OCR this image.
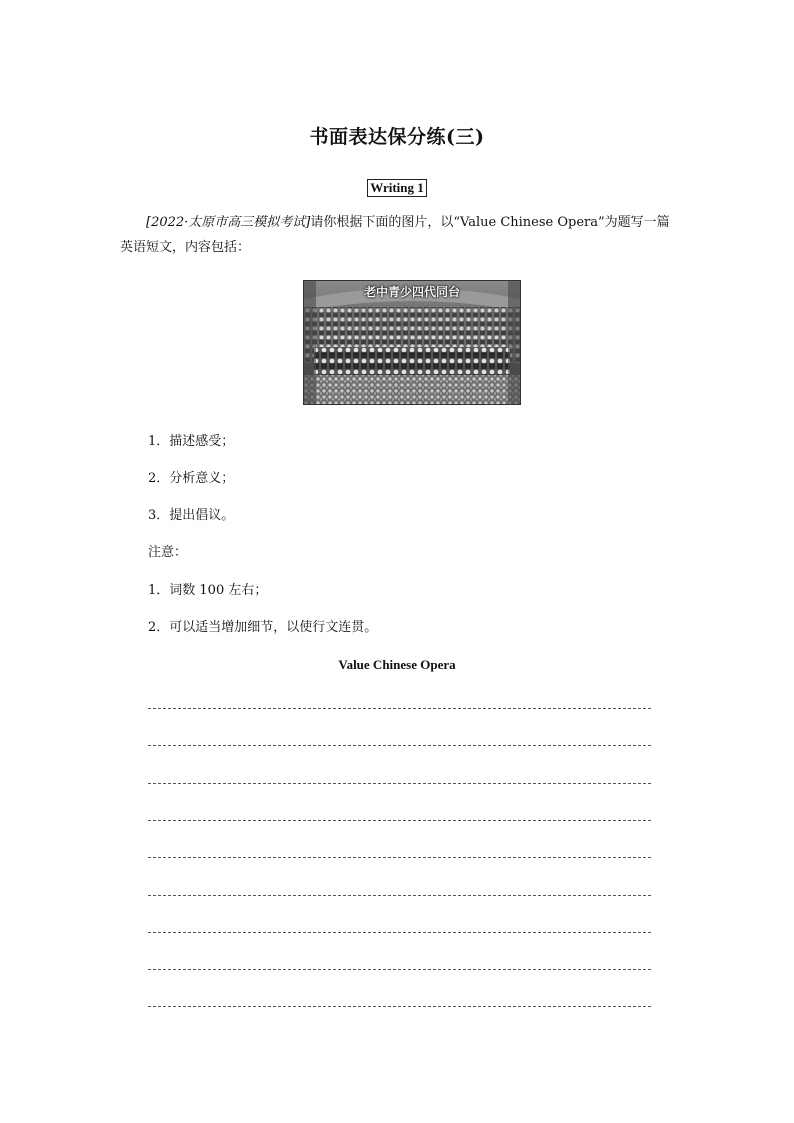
书面表达保分练(三)
Writing 1
[2022·太原市高三模拟考试]请你根据下面的图片，以“Value Chinese Opera”为题写一篇英语短文，内容包括：
老中青少四代同台
1．描述感受；
2．分析意义；
3．提出倡议。
注意：
1．词数 100 左右；
2．可以适当增加细节，以使行文连贯。
Value Chinese Opera
